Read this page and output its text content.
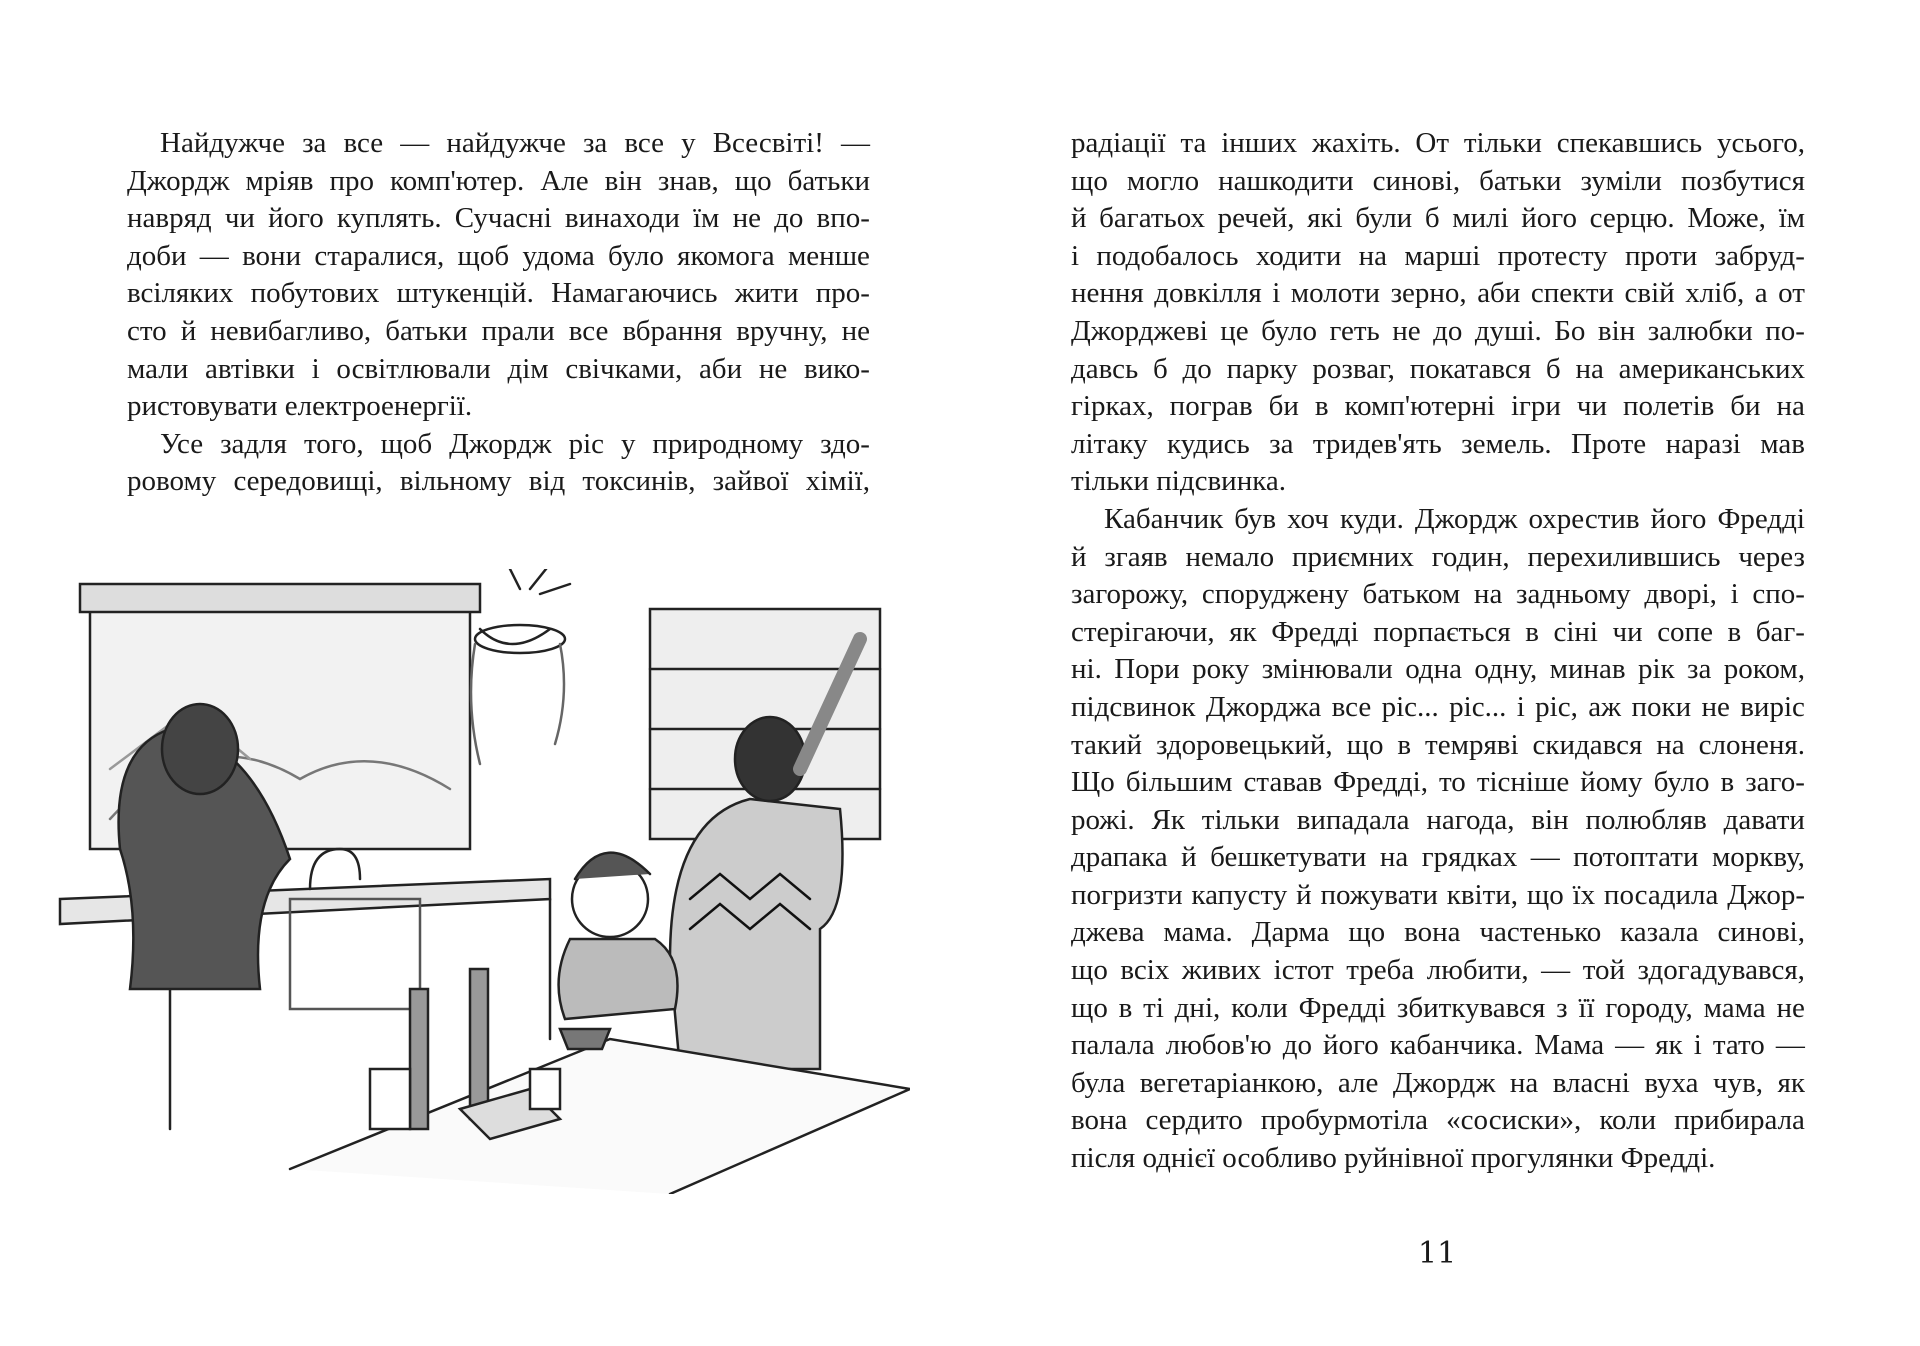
Найдужче за все — найдужче за все у Всесвіті! —
Джордж мріяв про комп'ютер. Але він знав, що батьки
навряд чи його куплять. Сучасні винаходи їм не до впо-
доби — вони старалися, щоб удома було якомога менше
всіляких побутових штукенцій. Намагаючись жити про-
сто й невибагливо, батьки прали все вбрання вручну, не
мали автівки і освітлювали дім свічками, аби не вико-
ристовувати електроенергії.
Усе задля того, щоб Джордж ріс у природному здо-
ровому середовищі, вільному від токсинів, зайвої хімії,
радіації та інших жахіть. От тільки спекавшись усього,
що могло нашкодити синові, батьки зуміли позбутися
й багатьох речей, які були б милі його серцю. Може, їм
і подобалось ходити на марші протесту проти забруд-
нення довкілля і молоти зерно, аби спекти свій хліб, а от
Джорджеві це було геть не до душі. Бо він залюбки по-
давсь б до парку розваг, покатався б на американських
гірках, пограв би в комп'ютерні ігри чи полетів би на
літаку кудись за тридев'ять земель. Проте наразі мав
тільки підсвинка.
Кабанчик був хоч куди. Джордж охрестив його Фредді
й згаяв немало приємних годин, перехилившись через
загорожу, споруджену батьком на задньому дворі, і спо-
стерігаючи, як Фредді порпається в сіні чи сопе в баг-
ні. Пори року змінювали одна одну, минав рік за роком,
підсвинок Джорджа все ріс... ріс... і ріс, аж поки не виріс
такий здоровецький, що в темряві скидався на слоненя.
Що більшим ставав Фредді, то тісніше йому було в заго-
рожі. Як тільки випадала нагода, він полюбляв давати
драпака й бешкетувати на грядках — потоптати моркву,
погризти капусту й пожувати квіти, що їх посадила Джор-
джева мама. Дарма що вона частенько казала синові,
що всіх живих істот треба любити, — той здогадувався,
що в ті дні, коли Фредді збиткувався з її городу, мама не
палала любов'ю до його кабанчика. Мама — як і тато —
була вегетаріанкою, але Джордж на власні вуха чув, як
вона сердито пробурмотіла «сосиски», коли прибирала
після однієї особливо руйнівної прогулянки Фредді.
11
